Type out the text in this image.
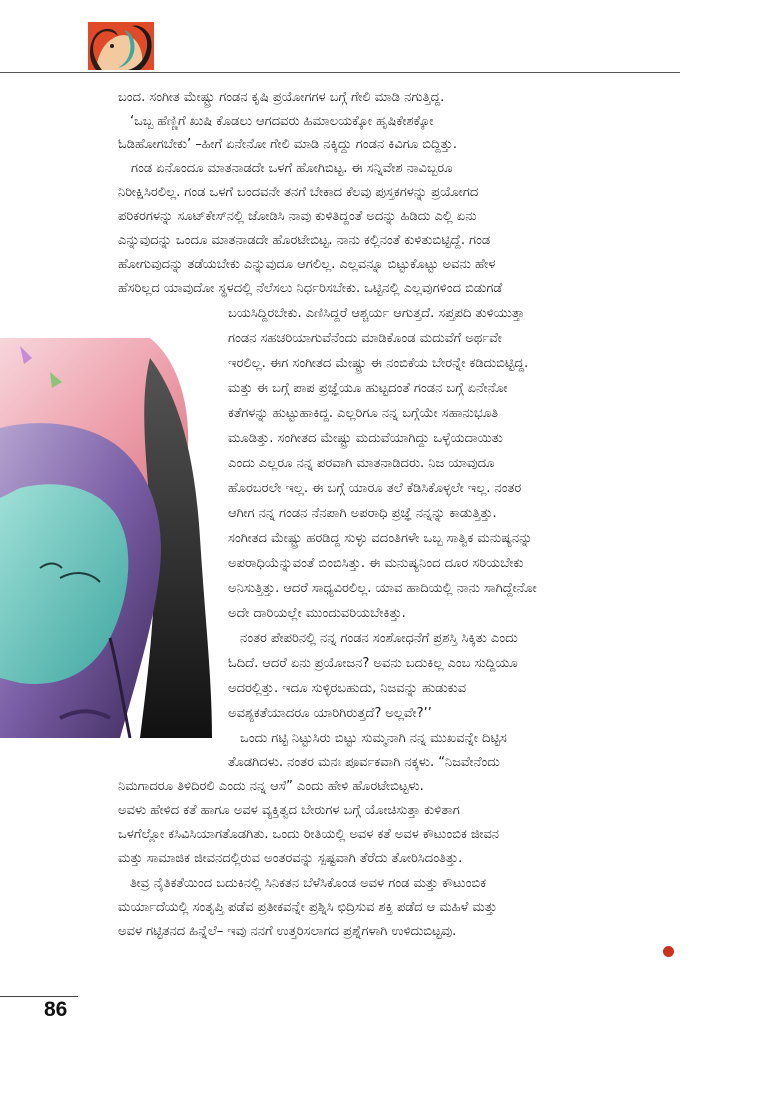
ಬಂದ. ಸಂಗೀತ ಮೇಷ್ಟ್ರು ಗಂಡನ ಕೃಷಿ ಪ್ರಯೋಗಗಳ ಬಗ್ಗೆ ಗೇಲಿ ಮಾಡಿ ನಗುತ್ತಿದ್ದ.
‘ಒಬ್ಬ ಹೆಣ್ಣಿಗೆ ಖುಷಿ ಕೊಡಲು ಆಗದವರು ಹಿಮಾಲಯಕ್ಕೋ ಹೃಷಿಕೇಶಕ್ಕೋ
ಓಡಿಹೋಗಬೇಕು’ –ಹೀಗೆ ಏನೇನೋ ಗೇಲಿ ಮಾಡಿ ನಕ್ಕಿದ್ದು ಗಂಡನ ಕಿವಿಗೂ ಬಿದ್ದಿತ್ತು.
ಗಂಡ ಏನೊಂದೂ ಮಾತನಾಡದೇ ಒಳಗೆ ಹೋಗಿಬಿಟ್ಟ. ಈ ಸನ್ನಿವೇಶ ನಾವಿಬ್ಬರೂ
ನಿರೀಕ್ಷಿಸಿರಲಿಲ್ಲ. ಗಂಡ ಒಳಗೆ ಬಂದವನೇ ತನಗೆ ಬೇಕಾದ ಕೆಲವು ಪುಸ್ತಕಗಳನ್ನು ಪ್ರಯೋಗದ
ಪರಿಕರಗಳನ್ನು ಸೂಟ್‌ಕೇಸ್‌ನಲ್ಲಿ ಜೋಡಿಸಿ ನಾವು ಕುಳಿತಿದ್ದಂತೆ ಅದನ್ನು ಹಿಡಿದು ಎಲ್ಲಿ ಏನು
ಎನ್ನುವುದನ್ನು ಒಂದೂ ಮಾತನಾಡದೇ ಹೊರಟೇಬಿಟ್ಟ. ನಾನು ಕಲ್ಲಿನಂತೆ ಕುಳಿತುಬಿಟ್ಟಿದ್ದೆ. ಗಂಡ
ಹೋಗುವುದನ್ನು ತಡೆಯಬೇಕು ಎನ್ನುವುದೂ ಆಗಲಿಲ್ಲ. ಎಲ್ಲವನ್ನೂ ಬಿಟ್ಟುಕೊಟ್ಟು ಅವನು ಹೇಳ
ಹೆಸರಿಲ್ಲದ ಯಾವುದೋ ಸ್ಥಳದಲ್ಲಿ ನೆಲೆಸಲು ನಿರ್ಧರಿಸಬೇಕು. ಒಟ್ಟಿನಲ್ಲಿ ಎಲ್ಲವುಗಳಿಂದ ಬಿಡುಗಡೆ
ಬಯಸಿದ್ದಿರಬೇಕು. ಎಣಿಸಿದ್ದರೆ ಆಶ್ಚರ್ಯ ಆಗುತ್ತದೆ. ಸಪ್ತಪದಿ ತುಳಿಯುತ್ತಾ
ಗಂಡನ ಸಹಚರಿಯಾಗುವೆನೆಂದು ಮಾಡಿಕೊಂಡ ಮದುವೆಗೆ ಅರ್ಥವೇ
ಇರಲಿಲ್ಲ. ಈಗ ಸಂಗೀತದ ಮೇಷ್ಟ್ರು ಈ ನಂಬಿಕೆಯ ಬೇರನ್ನೇ ಕಡಿದುಬಿಟ್ಟಿದ್ದ.
ಮತ್ತು ಈ ಬಗ್ಗೆ ಪಾಪ ಪ್ರಜ್ಞೆಯೂ ಹುಟ್ಟದಂತೆ ಗಂಡನ ಬಗ್ಗೆ ಏನೇನೋ
ಕತೆಗಳನ್ನು ಹುಟ್ಟುಹಾಕಿದ್ದ. ಎಲ್ಲರಿಗೂ ನನ್ನ ಬಗ್ಗೆಯೇ ಸಹಾನುಭೂತಿ
ಮೂಡಿತ್ತು. ಸಂಗೀತದ ಮೇಷ್ಟ್ರು ಮದುವೆಯಾಗಿದ್ದು ಒಳ್ಳೆಯದಾಯಿತು
ಎಂದು ಎಲ್ಲರೂ ನನ್ನ ಪರವಾಗಿ ಮಾತನಾಡಿದರು. ನಿಜ ಯಾವುದೂ
ಹೊರಬರಲೇ ಇಲ್ಲ. ಈ ಬಗ್ಗೆ ಯಾರೂ ತಲೆ ಕೆಡಿಸಿಕೊಳ್ಳಲೇ ಇಲ್ಲ. ನಂತರ
ಆಗೀಗ ನನ್ನ ಗಂಡನ ನೆನಪಾಗಿ ಅಪರಾಧಿ ಪ್ರಜ್ಞೆ ನನ್ನನ್ನು ಕಾಡುತ್ತಿತ್ತು.
ಸಂಗೀತದ ಮೇಷ್ಟ್ರು ಹರಡಿದ್ದ ಸುಳ್ಳು ವದಂತಿಗಳೇ ಒಬ್ಬ ಸಾತ್ವಿಕ ಮನುಷ್ಯನನ್ನು
ಅಪರಾಧಿಯೆನ್ನುವಂತೆ ಬಿಂಬಿಸಿತ್ತು. ಈ ಮನುಷ್ಯನಿಂದ ದೂರ ಸರಿಯಬೇಕು
ಅನಿಸುತ್ತಿತ್ತು. ಆದರೆ ಸಾಧ್ಯವಿರಲಿಲ್ಲ. ಯಾವ ಹಾದಿಯಲ್ಲಿ ನಾನು ಸಾಗಿದ್ದೇನೋ
ಅದೇ ದಾರಿಯಲ್ಲೇ ಮುಂದುವರಿಯಬೇಕಿತ್ತು.
ನಂತರ ಪೇಪರಿನಲ್ಲಿ ನನ್ನ ಗಂಡನ ಸಂಶೋಧನೆಗೆ ಪ್ರಶಸ್ತಿ ಸಿಕ್ಕಿತು ಎಂದು
ಓದಿದೆ. ಆದರೆ ಏನು ಪ್ರಯೋಜನ? ಅವನು ಬದುಕಿಲ್ಲ ಎಂಬ ಸುದ್ದಿಯೂ
ಅದರಲ್ಲಿತ್ತು. ಇದೂ ಸುಳ್ಳಿರಬಹುದು, ನಿಜವನ್ನು ಹುಡುಕುವ
ಅವಶ್ಯಕತೆಯಾದರೂ ಯಾರಿಗಿರುತ್ತದೆ? ಅಲ್ಲವೇ?’’
ಒಂದು ಗಟ್ಟಿ ನಿಟ್ಟುಸಿರು ಬಿಟ್ಟು ಸುಮ್ಮನಾಗಿ ನನ್ನ ಮುಖವನ್ನೇ ದಿಟ್ಟಿಸ
ತೊಡಗಿದಳು. ನಂತರ ಮನಃ ಪೂರ್ವಕವಾಗಿ ನಕ್ಕಳು. “ನಿಜವೇನೆಂದು
ನಿಮಗಾದರೂ ತಿಳಿದಿರಲಿ ಎಂದು ನನ್ನ ಆಸೆ” ಎಂದು ಹೇಳಿ ಹೊರಟೇಬಿಟ್ಟಳು.
ಅವಳು ಹೇಳಿದ ಕತೆ ಹಾಗೂ ಅವಳ ವ್ಯಕ್ತಿತ್ವದ ಬೇರುಗಳ ಬಗ್ಗೆ ಯೋಚಿಸುತ್ತಾ ಕುಳಿತಾಗ
ಒಳಗೆಲ್ಲೋ ಕಸಿವಿಸಿಯಾಗತೊಡಗಿತು. ಒಂದು ರೀತಿಯಲ್ಲಿ ಅವಳ ಕತೆ ಅವಳ ಕೌಟುಂಬಿಕ ಜೀವನ
ಮತ್ತು ಸಾಮಾಜಿಕ ಜೀವನದಲ್ಲಿರುವ ಅಂತರವನ್ನು ಸ್ಪಷ್ಟವಾಗಿ ತೆರೆದು ತೋರಿಸಿದಂತಿತ್ತು.
ತೀವ್ರ ನೈತಿಕತೆಯಿಂದ ಬದುಕಿನಲ್ಲಿ ಸಿನಿಕತನ ಬೆಳೆಸಿಕೊಂಡ ಅವಳ ಗಂಡ ಮತ್ತು ಕೌಟುಂಬಿಕ
ಮರ್ಯಾದೆಯಲ್ಲಿ ಸಂತೃಪ್ತಿ ಪಡೆವ ಪ್ರತೀಕವನ್ನೇ ಪ್ರಶ್ನಿಸಿ ಛಿದ್ರಿಸುವ ಶಕ್ತಿ ಪಡೆದ ಆ ಮಹಿಳೆ ಮತ್ತು
ಅವಳ ಗಟ್ಟಿತನದ ಹಿನ್ನೆಲೆ– ಇವು ನನಗೆ ಉತ್ತರಿಸಲಾಗದ ಪ್ರಶ್ನೆಗಳಾಗಿ ಉಳಿದುಬಿಟ್ಟವು.
86
